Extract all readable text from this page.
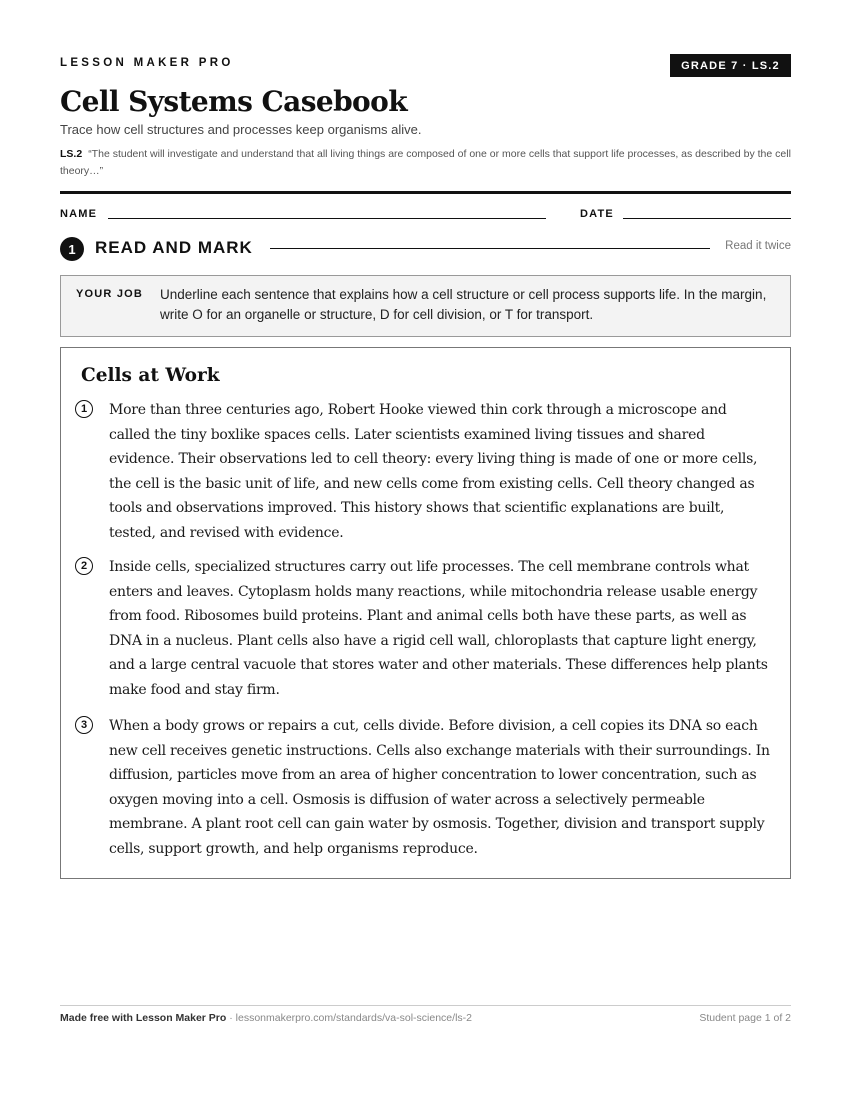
LESSON MAKER PRO	GRADE 7 · LS.2
Cell Systems Casebook
Trace how cell structures and processes keep organisms alive.
LS.2 “The student will investigate and understand that all living things are composed of one or more cells that support life processes, as described by the cell theory…”
NAME	DATE
1	READ AND MARK	Read it twice
YOUR JOB Underline each sentence that explains how a cell structure or cell process supports life. In the margin, write O for an organelle or structure, D for cell division, or T for transport.
Cells at Work
1	More than three centuries ago, Robert Hooke viewed thin cork through a microscope and called the tiny boxlike spaces cells. Later scientists examined living tissues and shared evidence. Their observations led to cell theory: every living thing is made of one or more cells, the cell is the basic unit of life, and new cells come from existing cells. Cell theory changed as tools and observations improved. This history shows that scientific explanations are built, tested, and revised with evidence.

2	Inside cells, specialized structures carry out life processes. The cell membrane controls what enters and leaves. Cytoplasm holds many reactions, while mitochondria release usable energy from food. Ribosomes build proteins. Plant and animal cells both have these parts, as well as DNA in a nucleus. Plant cells also have a rigid cell wall, chloroplasts that capture light energy, and a large central vacuole that stores water and other materials. These differences help plants make food and stay firm.

3	When a body grows or repairs a cut, cells divide. Before division, a cell copies its DNA so each new cell receives genetic instructions. Cells also exchange materials with their surroundings. In diffusion, particles move from an area of higher concentration to lower concentration, such as oxygen moving into a cell. Osmosis is diffusion of water across a selectively permeable membrane. A plant root cell can gain water by osmosis. Together, division and transport supply cells, support growth, and help organisms reproduce.

Made free with Lesson Maker Pro · lessonmakerpro.com/standards/va-sol-science/ls-2	Student page 1 of 2
